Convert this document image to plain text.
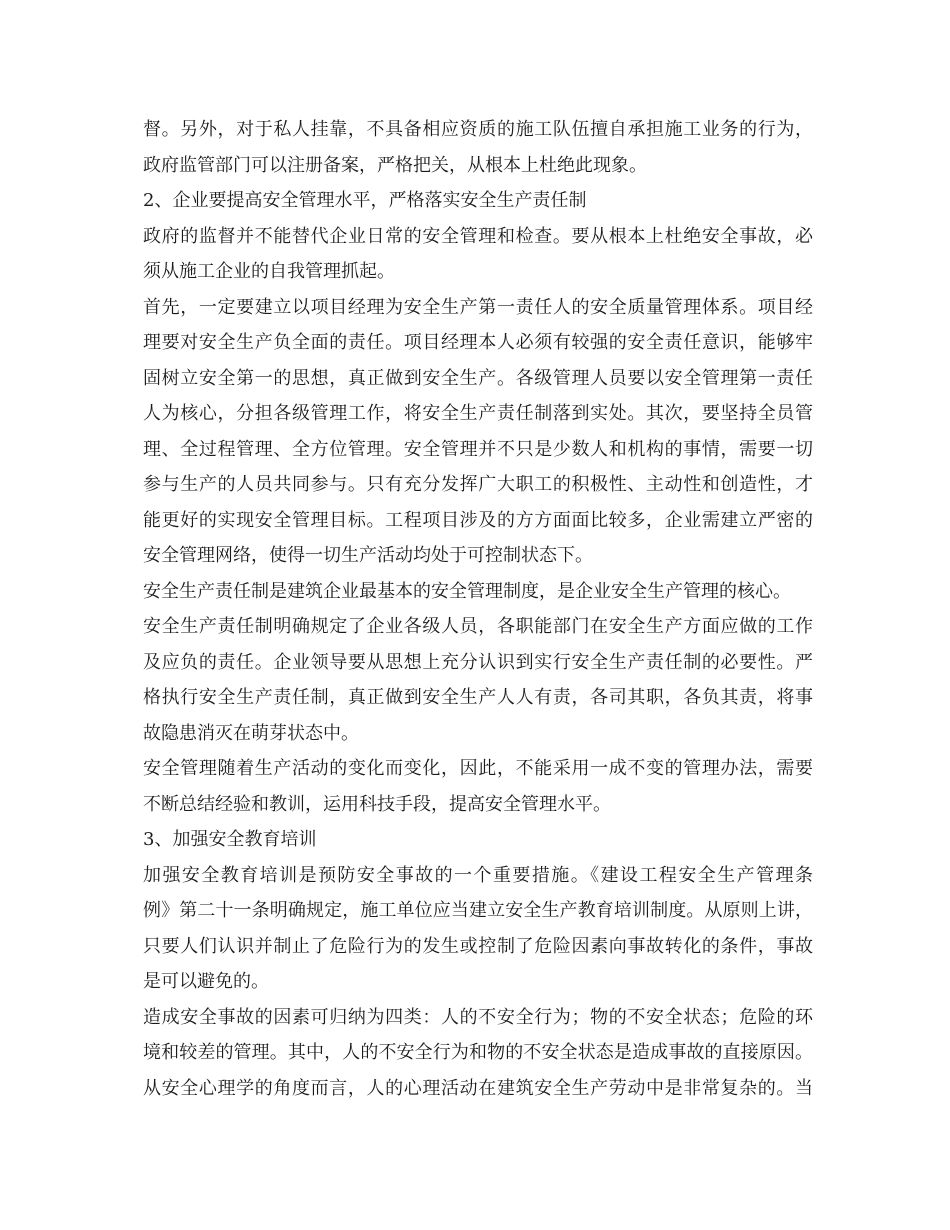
督。另外，对于私人挂靠，不具备相应资质的施工队伍擅自承担施工业务的行为，
政府监管部门可以注册备案，严格把关，从根本上杜绝此现象。
2、企业要提高安全管理水平，严格落实安全生产责任制
政府的监督并不能替代企业日常的安全管理和检查。要从根本上杜绝安全事故，必
须从施工企业的自我管理抓起。
首先，一定要建立以项目经理为安全生产第一责任人的安全质量管理体系。项目经
理要对安全生产负全面的责任。项目经理本人必须有较强的安全责任意识，能够牢
固树立安全第一的思想，真正做到安全生产。各级管理人员要以安全管理第一责任
人为核心，分担各级管理工作，将安全生产责任制落到实处。其次，要坚持全员管
理、全过程管理、全方位管理。安全管理并不只是少数人和机构的事情，需要一切
参与生产的人员共同参与。只有充分发挥广大职工的积极性、主动性和创造性，才
能更好的实现安全管理目标。工程项目涉及的方方面面比较多，企业需建立严密的
安全管理网络，使得一切生产活动均处于可控制状态下。
安全生产责任制是建筑企业最基本的安全管理制度，是企业安全生产管理的核心。
安全生产责任制明确规定了企业各级人员，各职能部门在安全生产方面应做的工作
及应负的责任。企业领导要从思想上充分认识到实行安全生产责任制的必要性。严
格执行安全生产责任制，真正做到安全生产人人有责，各司其职，各负其责，将事
故隐患消灭在萌芽状态中。
安全管理随着生产活动的变化而变化，因此，不能采用一成不变的管理办法，需要
不断总结经验和教训，运用科技手段，提高安全管理水平。
3、加强安全教育培训
加强安全教育培训是预防安全事故的一个重要措施。《建设工程安全生产管理条
例》第二十一条明确规定，施工单位应当建立安全生产教育培训制度。从原则上讲，
只要人们认识并制止了危险行为的发生或控制了危险因素向事故转化的条件，事故
是可以避免的。
造成安全事故的因素可归纳为四类：人的不安全行为；物的不安全状态；危险的环
境和较差的管理。其中，人的不安全行为和物的不安全状态是造成事故的直接原因。
从安全心理学的角度而言，人的心理活动在建筑安全生产劳动中是非常复杂的。当
